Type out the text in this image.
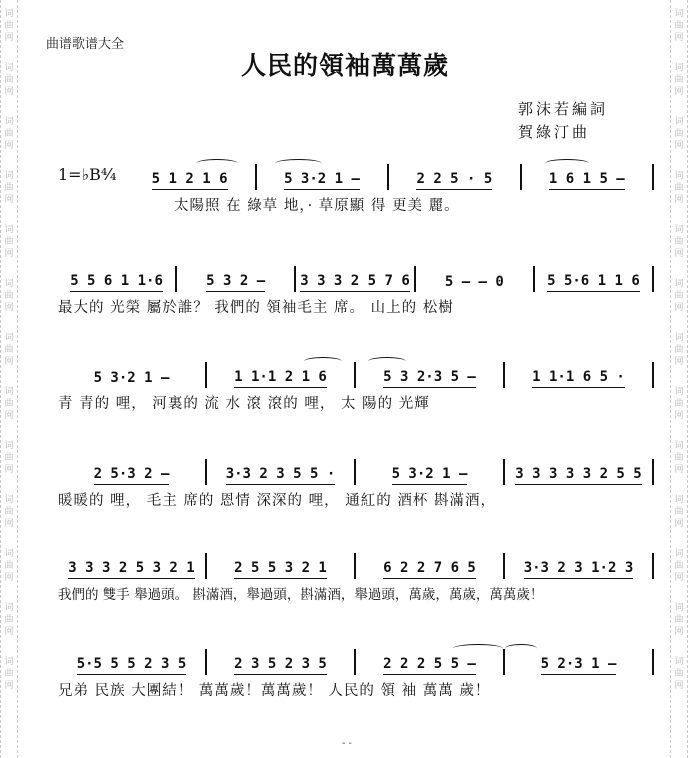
词
曲
网
词
曲
网
词
曲
网
词
曲
网
词
曲
网
词
曲
网
词
曲
网
词
曲
网
词
曲
网
词
曲
网
词
曲
网
词
曲
网
词
曲
网
词
曲
网
词
曲
网
词
曲
网
词
曲
网
词
曲
网
词
曲
网
词
曲
网
词
曲
网
词
曲
网
词
曲
网
词
曲
网
词
曲
网
词
曲
网
曲谱歌谱大全
人民的領袖萬萬歲
郭沫若編詞
賀綠汀曲
1=♭B⁴⁄₄	5 1 2 1 6	5 3·2 1 —	2 2 5 · 5	1 6 1 5 —
太陽照 在 綠草 地，· 草原顯 得 更美 麗。
5 5 6 1 1·6	5 3 2 —	3 3 3 2 5 7 6	5 — — 0	5 5·6 1 1 6
最大的 光榮 屬於誰？ 我們的 領袖毛主 席。 山上的 松樹
5 3·2 1 —	1 1·1 2 1 6	5 3 2·3 5 —	1 1·1 6 5 ·
青 青的 哩， 河裏的 流 水 滾 滾的 哩， 太 陽的 光輝
2 5·3 2 —	3·3 2 3 5 5 ·	5 3·2 1 —	3 3 3 3 3 2 5 5
暖暖的 哩， 毛主 席的 恩情 深深的 哩， 通紅的 酒杯 斟滿酒，
3 3 3 2 5 3 2 1	2 5 5 3 2 1	6 2 2 7 6 5	3·3 2 3 1·2 3
我們的 雙手 舉過頭。 斟滿酒，舉過頭，斟滿酒，舉過頭，萬歲，萬歲，萬萬歲！
5·5 5 5 2 3 5	2 3 5 2 3 5	2 2 2 5 5 —	5 2·3 1 —
兄弟 民族 大團結！ 萬萬歲！萬萬歲！ 人民的 領 袖 萬萬 歲！
- -
